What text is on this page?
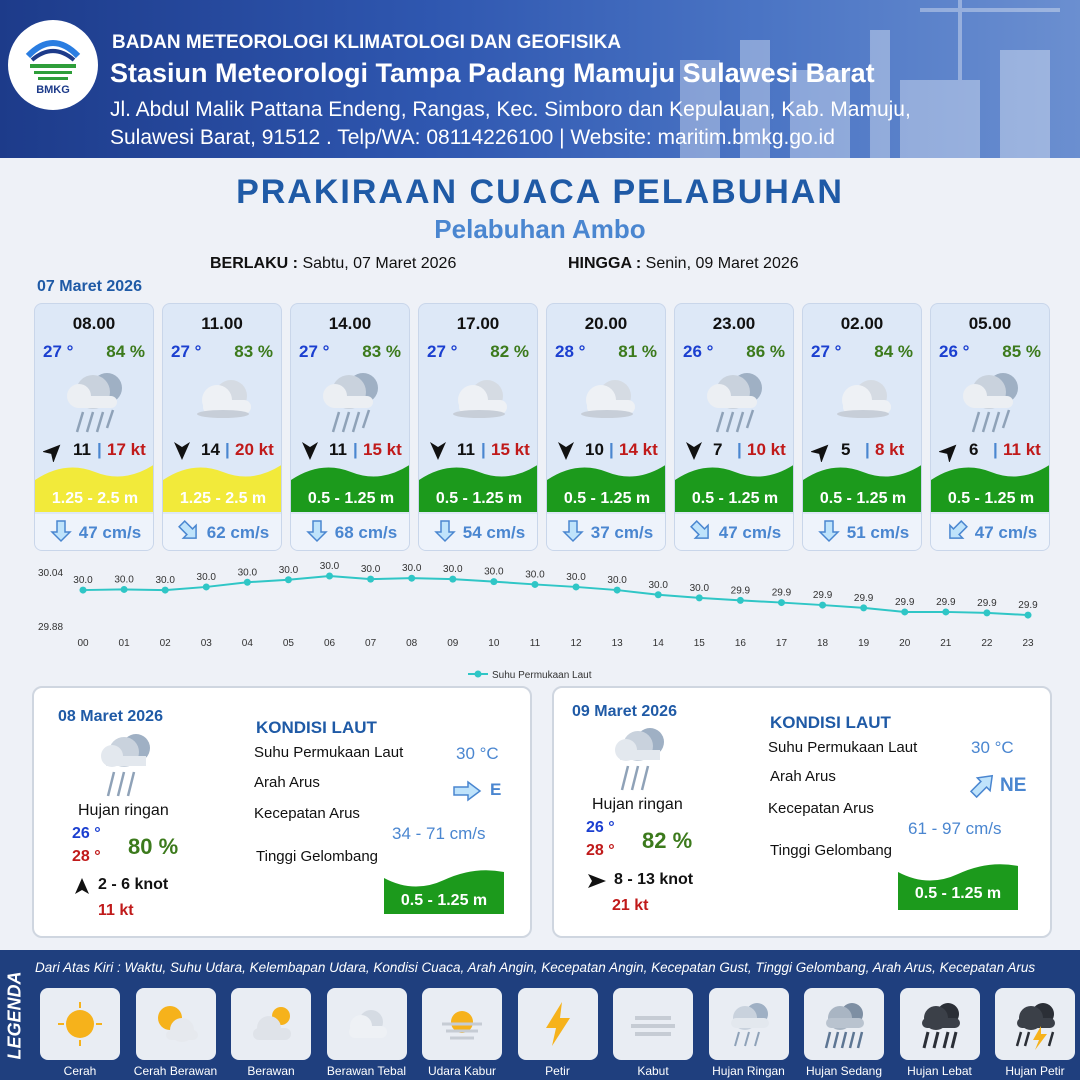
BMKG
BADAN METEOROLOGI KLIMATOLOGI DAN GEOFISIKA
Stasiun Meteorologi Tampa Padang Mamuju Sulawesi Barat
Jl. Abdul Malik Pattana Endeng, Rangas, Kec. Simboro dan Kepulauan, Kab. Mamuju,
Sulawesi Barat, 91512 . Telp/WA: 08114226100 | Website: maritim.bmkg.go.id
PRAKIRAAN CUACA PELABUHAN
Pelabuhan Ambo
BERLAKU : Sabtu, 07 Maret 2026	HINGGA : Senin, 09 Maret 2026
07 Maret 2026
08.00
27 ° 84 %
11 | 17 kt
1.25 - 2.5 m
47 cm/s
11.00
27 ° 83 %
14 | 20 kt
1.25 - 2.5 m
62 cm/s
14.00
27 ° 83 %
11 | 15 kt
0.5 - 1.25 m
68 cm/s
17.00
27 ° 82 %
11 | 15 kt
0.5 - 1.25 m
54 cm/s
20.00
28 ° 81 %
10 | 14 kt
0.5 - 1.25 m
37 cm/s
23.00
26 ° 86 %
7 | 10 kt
0.5 - 1.25 m
47 cm/s
02.00
27 ° 84 %
5 | 8 kt
0.5 - 1.25 m
51 cm/s
05.00
26 ° 85 %
6 | 11 kt
0.5 - 1.25 m
47 cm/s
30.04
29.88
30.0 30.0 30.0 30.0 30.0 30.0 30.0 30.0 30.0 30.0 30.0 30.0 30.0 30.0 30.0 30.0 29.9 29.9 29.9 29.9 29.9 29.9 29.9 29.9
00	01	02	03	04	05	06	07	08	09	10	11	12	13	14	15	16	17	18	19	20	21	22	23
Suhu Permukaan Laut
08 Maret 2026
Hujan ringan
26 °
28 ° 80 %
2 - 6 knot
11 kt
KONDISI LAUT
Suhu Permukaan Laut	30 °C
Arah Arus	E
Kecepatan Arus
34 - 71 cm/s
Tinggi Gelombang
0.5 - 1.25 m
09 Maret 2026
Hujan ringan
26 °
28 ° 82 %
8 - 13 knot
21 kt
KONDISI LAUT
Suhu Permukaan Laut	30 °C
Arah Arus	NE
Kecepatan Arus
61 - 97 cm/s
Tinggi Gelombang
0.5 - 1.25 m
LEGENDA
Dari Atas Kiri : Waktu, Suhu Udara, Kelembapan Udara, Kondisi Cuaca, Arah Angin, Kecepatan Angin, Kecepatan Gust, Tinggi Gelombang, Arah Arus, Kecepatan Arus
Cerah	Cerah Berawan	Berawan	Berawan Tebal	Udara Kabur	Petir	Kabut	Hujan Ringan	Hujan Sedang	Hujan Lebat	Hujan Petir
